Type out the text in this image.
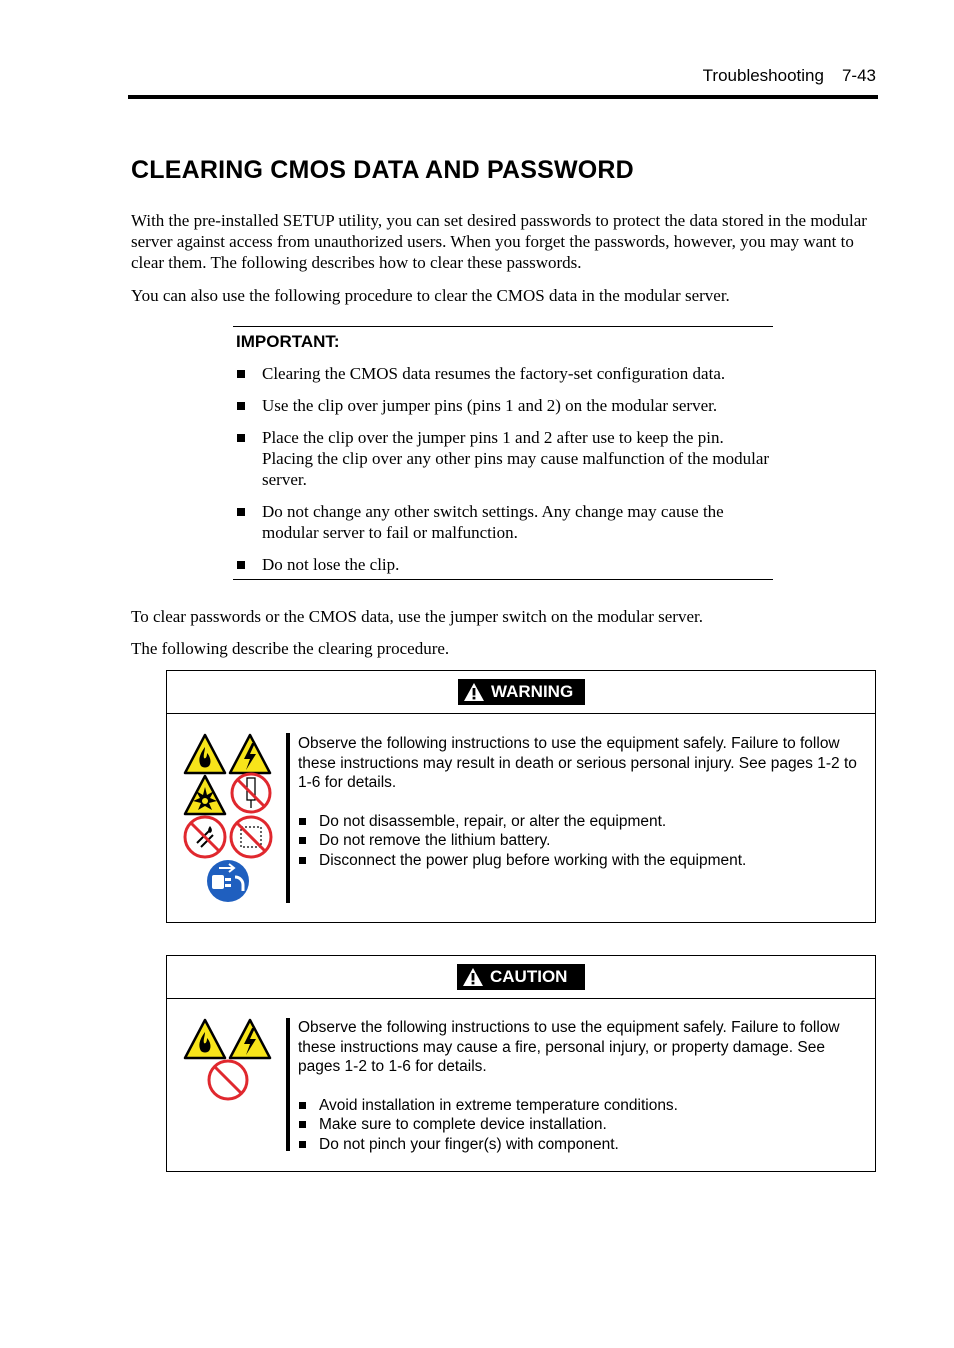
Troubleshooting 7-43
CLEARING CMOS DATA AND PASSWORD

With the pre-installed SETUP utility, you can set desired passwords to protect the data stored in the modular server against access from unauthorized users. When you forget the passwords, however, you may want to clear them. The following describes how to clear these passwords.

You can also use the following procedure to clear the CMOS data in the modular server.

IMPORTANT:
Clearing the CMOS data resumes the factory-set configuration data.
Use the clip over jumper pins (pins 1 and 2) on the modular server.
Place the clip over the jumper pins 1 and 2 after use to keep the pin. Placing the clip over any other pins may cause malfunction of the modular server.
Do not change any other switch settings. Any change may cause the modular server to fail or malfunction.
Do not lose the clip.

To clear passwords or the CMOS data, use the jumper switch on the modular server.

The following describe the clearing procedure.

WARNING

Observe the following instructions to use the equipment safely. Failure to follow these instructions may result in death or serious personal injury. See pages 1-2 to 1-6 for details.

Do not disassemble, repair, or alter the equipment.
Do not remove the lithium battery.
Disconnect the power plug before working with the equipment.
CAUTION

Observe the following instructions to use the equipment safely. Failure to follow these instructions may cause a fire, personal injury, or property damage. See pages 1-2 to 1-6 for details.

Avoid installation in extreme temperature conditions.
Make sure to complete device installation.
Do not pinch your finger(s) with component.
